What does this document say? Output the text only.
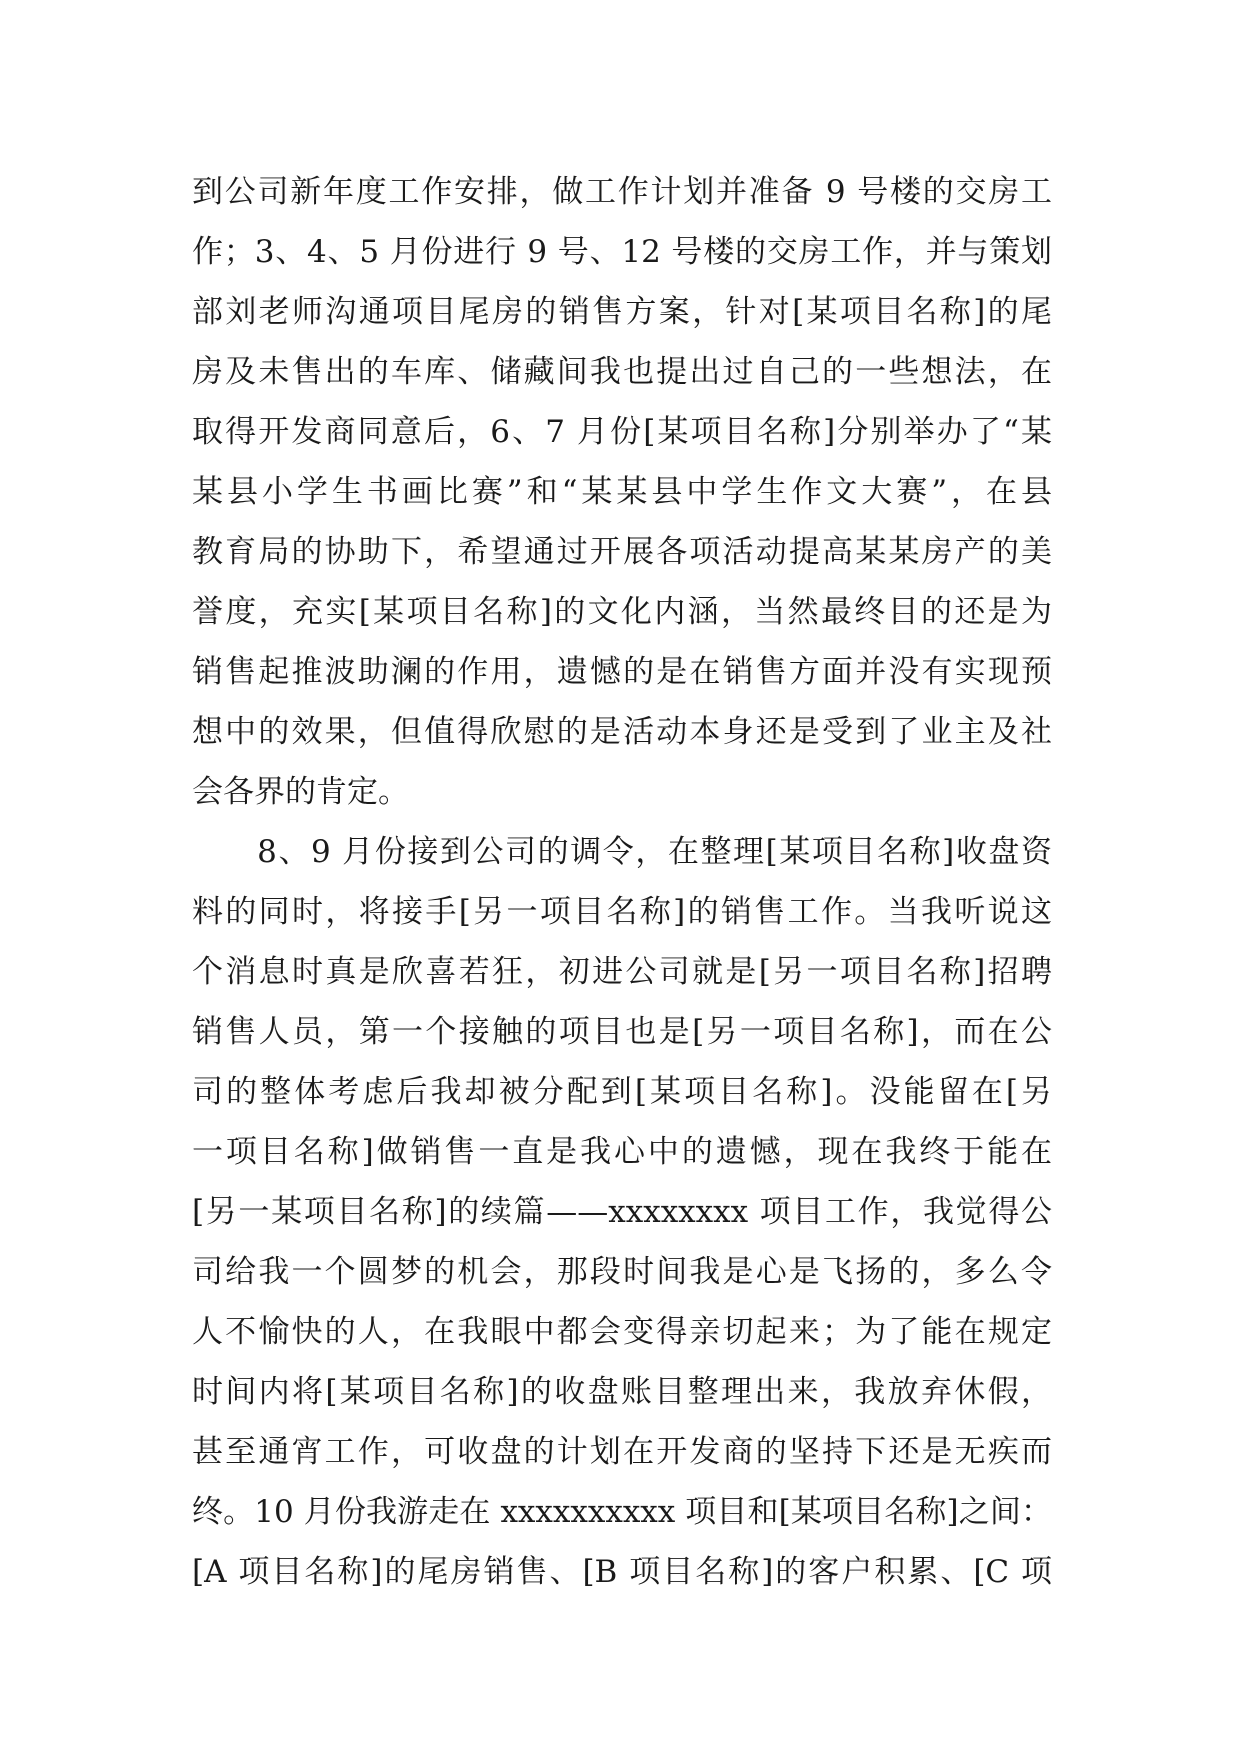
到公司新年度工作安排，做工作计划并准备 9 号楼的交房工
作；3、4、5 月份进行 9 号、12 号楼的交房工作，并与策划
部刘老师沟通项目尾房的销售方案，针对[某项目名称]的尾
房及未售出的车库、储藏间我也提出过自己的一些想法，在
取得开发商同意后，6、7 月份[某项目名称]分别举办了“某
某县小学生书画比赛”和“某某县中学生作文大赛”，在县
教育局的协助下，希望通过开展各项活动提高某某房产的美
誉度，充实[某项目名称]的文化内涵，当然最终目的还是为
销售起推波助澜的作用，遗憾的是在销售方面并没有实现预
想中的效果，但值得欣慰的是活动本身还是受到了业主及社
会各界的肯定。
　　8、9 月份接到公司的调令，在整理[某项目名称]收盘资
料的同时，将接手[另一项目名称]的销售工作。当我听说这
个消息时真是欣喜若狂，初进公司就是[另一项目名称]招聘
销售人员，第一个接触的项目也是[另一项目名称]，而在公
司的整体考虑后我却被分配到[某项目名称]。没能留在[另
一项目名称]做销售一直是我心中的遗憾，现在我终于能在
[另一某项目名称]的续篇——xxxxxxxx 项目工作，我觉得公
司给我一个圆梦的机会，那段时间我是心是飞扬的，多么令
人不愉快的人，在我眼中都会变得亲切起来；为了能在规定
时间内将[某项目名称]的收盘账目整理出来，我放弃休假，
甚至通宵工作，可收盘的计划在开发商的坚持下还是无疾而
终。10 月份我游走在 xxxxxxxxxx 项目和[某项目名称]之间：
[A 项目名称]的尾房销售、[B 项目名称]的客户积累、[C 项
